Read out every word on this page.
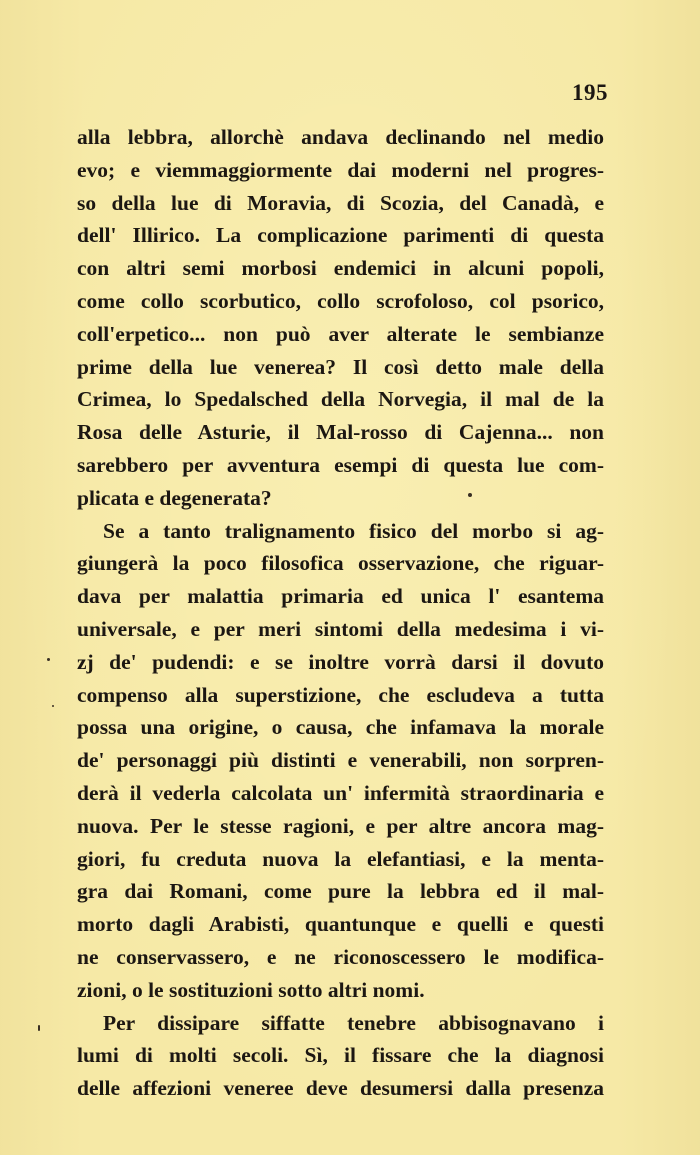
195
alla lebbra, allorchè andava declinando nel medio
evo; e viemmaggiormente dai moderni nel progres-
so della lue di Moravia, di Scozia, del Canadà, e
dell' Illirico. La complicazione parimenti di questa
con altri semi morbosi endemici in alcuni popoli,
come collo scorbutico, collo scrofoloso, col psorico,
coll'erpetico... non può aver alterate le sembianze
prime della lue venerea? Il così detto male della
Crimea, lo Spedalsched della Norvegia, il mal de la
Rosa delle Asturie, il Mal-rosso di Cajenna... non
sarebbero per avventura esempi di questa lue com-
plicata e degenerata?
Se a tanto tralignamento fisico del morbo si ag-
giungerà la poco filosofica osservazione, che riguar-
dava per malattia primaria ed unica l' esantema
universale, e per meri sintomi della medesima i vi-
zj de' pudendi: e se inoltre vorrà darsi il dovuto
compenso alla superstizione, che escludeva a tutta
possa una origine, o causa, che infamava la morale
de' personaggi più distinti e venerabili, non sorpren-
derà il vederla calcolata un' infermità straordinaria e
nuova. Per le stesse ragioni, e per altre ancora mag-
giori, fu creduta nuova la elefantiasi, e la menta-
gra dai Romani, come pure la lebbra ed il mal-
morto dagli Arabisti, quantunque e quelli e questi
ne conservassero, e ne riconoscessero le modifica-
zioni, o le sostituzioni sotto altri nomi.
Per dissipare siffatte tenebre abbisognavano i
lumi di molti secoli. Sì, il fissare che la diagnosi
delle affezioni veneree deve desumersi dalla presenza
